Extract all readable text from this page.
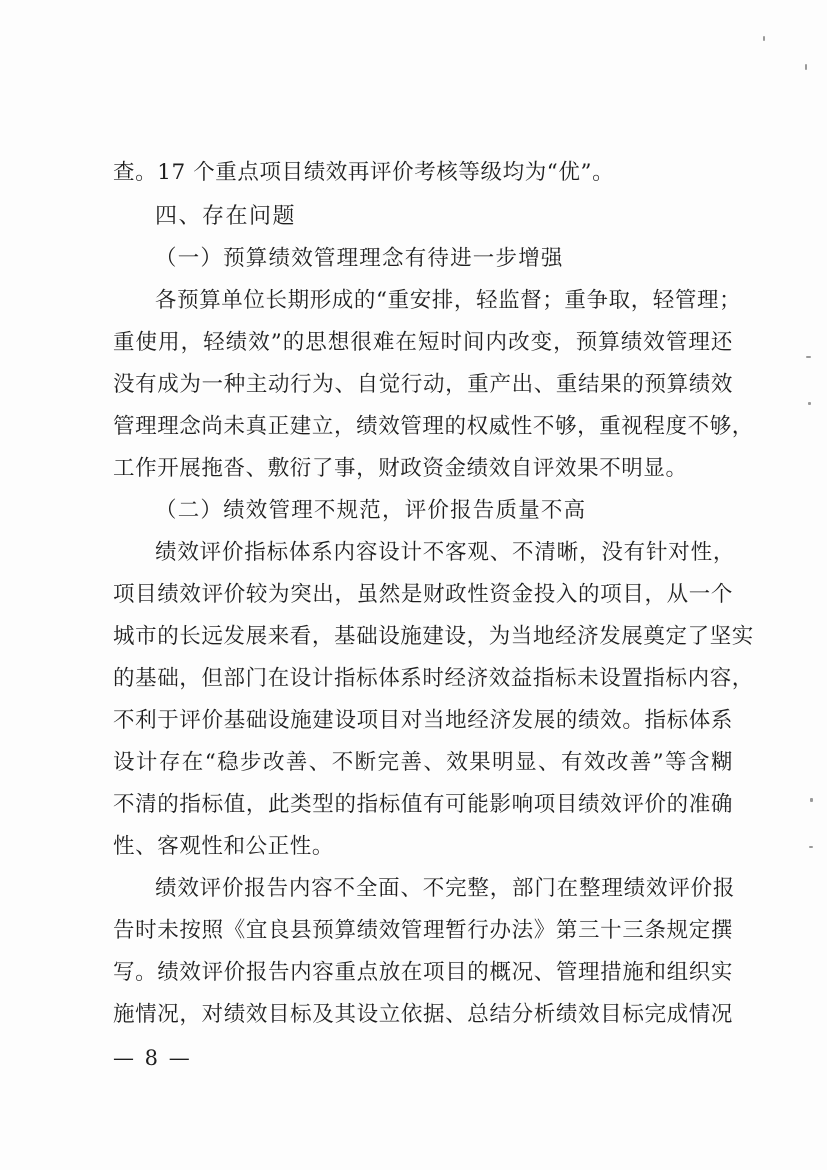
查。17 个重点项目绩效再评价考核等级均为“优”。
四、存在问题
（一）预算绩效管理理念有待进一步增强
各预算单位长期形成的“重安排，轻监督；重争取，轻管理；
重使用，轻绩效”的思想很难在短时间内改变，预算绩效管理还
没有成为一种主动行为、自觉行动，重产出、重结果的预算绩效
管理理念尚未真正建立，绩效管理的权威性不够，重视程度不够，
工作开展拖沓、敷衍了事，财政资金绩效自评效果不明显。
（二）绩效管理不规范，评价报告质量不高
绩效评价指标体系内容设计不客观、不清晰，没有针对性，
项目绩效评价较为突出，虽然是财政性资金投入的项目，从一个
城市的长远发展来看，基础设施建设，为当地经济发展奠定了坚实
的基础，但部门在设计指标体系时经济效益指标未设置指标内容，
不利于评价基础设施建设项目对当地经济发展的绩效。指标体系
设计存在“稳步改善、不断完善、效果明显、有效改善”等含糊
不清的指标值，此类型的指标值有可能影响项目绩效评价的准确
性、客观性和公正性。
绩效评价报告内容不全面、不完整，部门在整理绩效评价报
告时未按照《宜良县预算绩效管理暂行办法》第三十三条规定撰
写。绩效评价报告内容重点放在项目的概况、管理措施和组织实
施情况，对绩效目标及其设立依据、总结分析绩效目标完成情况
— 8 —
